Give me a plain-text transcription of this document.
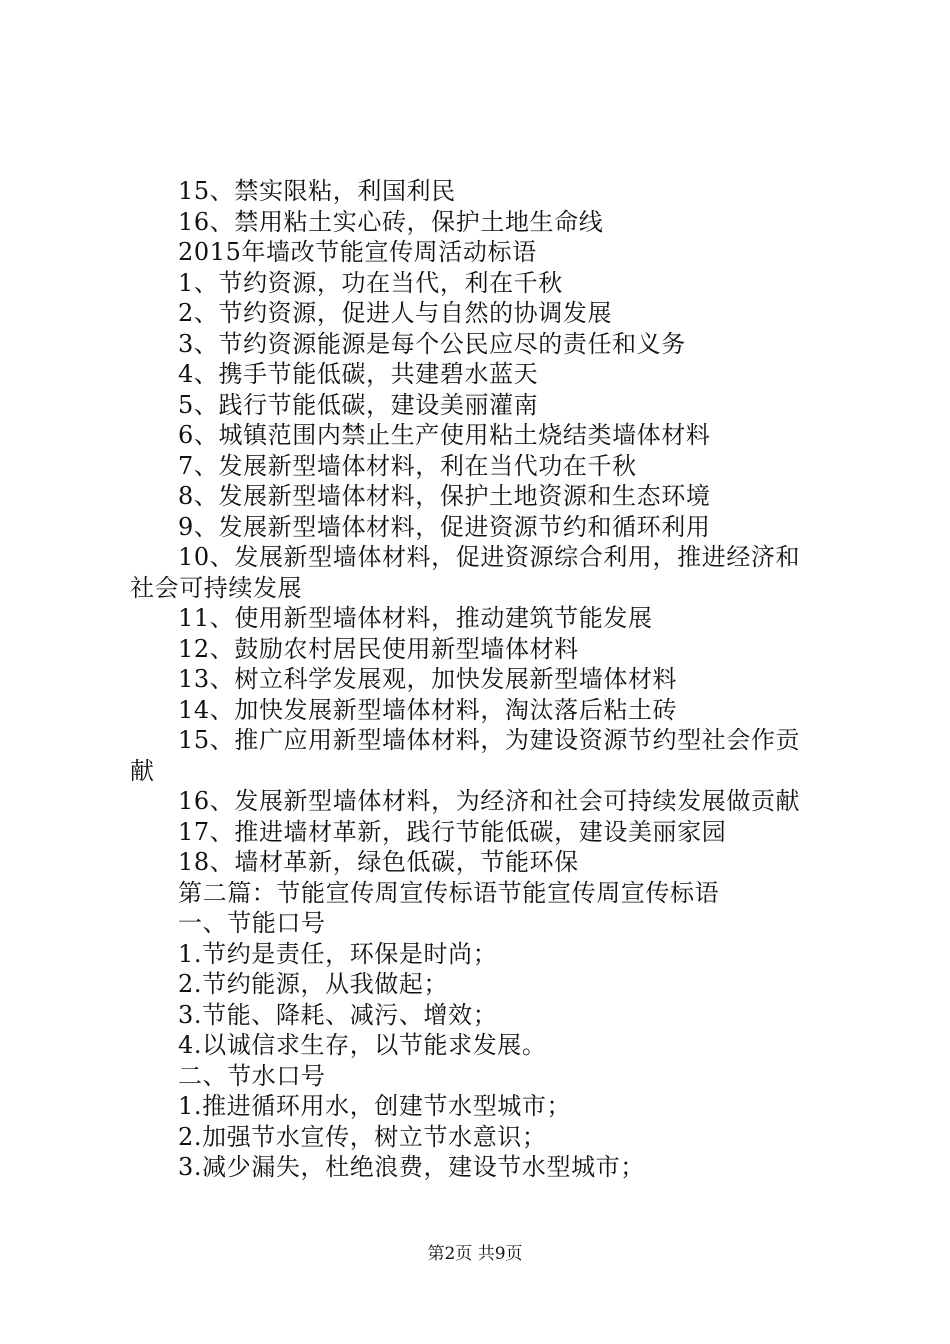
15、禁实限粘，利国利民
16、禁用粘土实心砖，保护土地生命线
2015年墙改节能宣传周活动标语
1、节约资源，功在当代，利在千秋
2、节约资源，促进人与自然的协调发展
3、节约资源能源是每个公民应尽的责任和义务
4、携手节能低碳，共建碧水蓝天
5、践行节能低碳，建设美丽灌南
6、城镇范围内禁止生产使用粘土烧结类墙体材料
7、发展新型墙体材料，利在当代功在千秋
8、发展新型墙体材料，保护土地资源和生态环境
9、发展新型墙体材料，促进资源节约和循环利用
10、发展新型墙体材料，促进资源综合利用，推进经济和
社会可持续发展
11、使用新型墙体材料，推动建筑节能发展
12、鼓励农村居民使用新型墙体材料
13、树立科学发展观，加快发展新型墙体材料
14、加快发展新型墙体材料，淘汰落后粘土砖
15、推广应用新型墙体材料，为建设资源节约型社会作贡
献
16、发展新型墙体材料，为经济和社会可持续发展做贡献
17、推进墙材革新，践行节能低碳，建设美丽家园
18、墙材革新，绿色低碳，节能环保
第二篇：节能宣传周宣传标语节能宣传周宣传标语
一、节能口号
1.节约是责任，环保是时尚；
2.节约能源，从我做起；
3.节能、降耗、减污、增效；
4.以诚信求生存，以节能求发展。
二、节水口号
1.推进循环用水，创建节水型城市；
2.加强节水宣传，树立节水意识；
3.减少漏失，杜绝浪费，建设节水型城市；
第2页 共9页
